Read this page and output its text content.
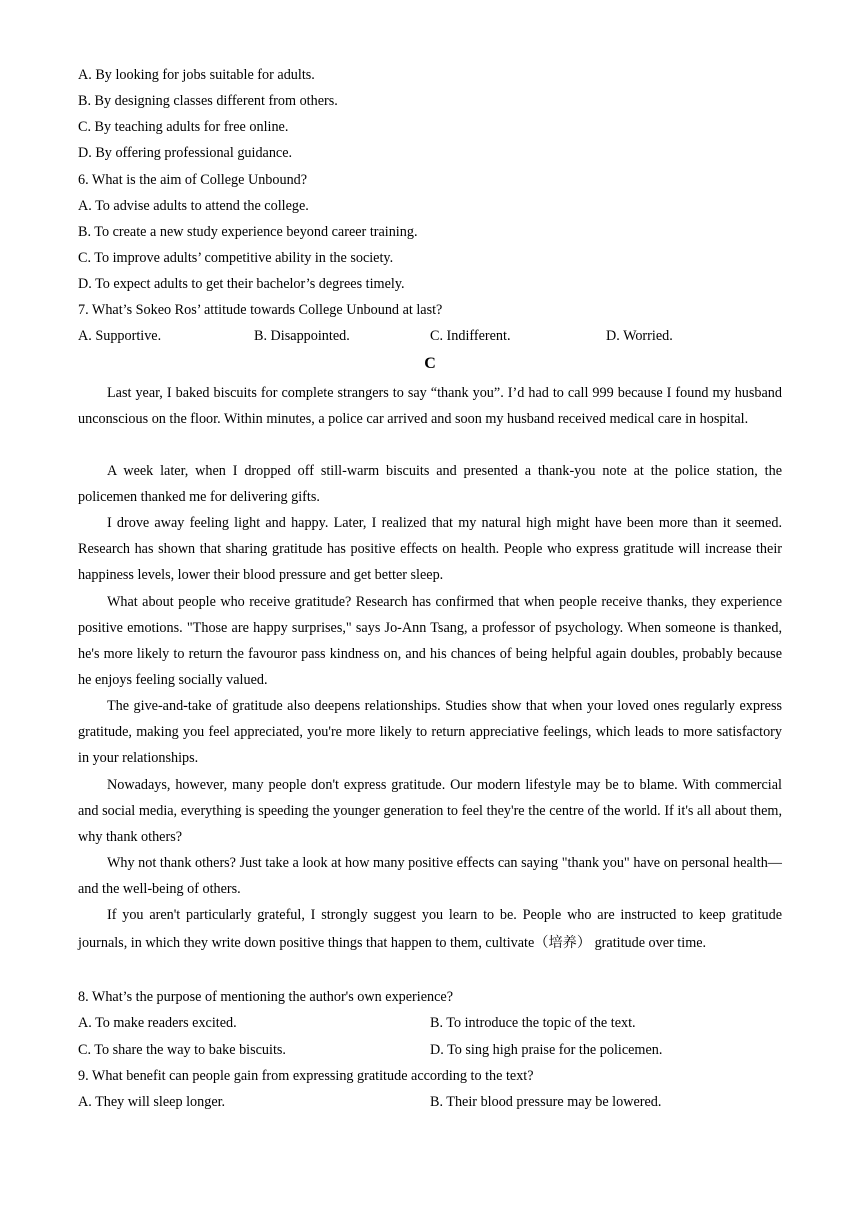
A. By looking for jobs suitable for adults.
B. By designing classes different from others.
C. By teaching adults for free online.
D. By offering professional guidance.
6. What is the aim of College Unbound?
A. To advise adults to attend the college.
B. To create a new study experience beyond career training.
C. To improve adults’ competitive ability in the society.
D. To expect adults to get their bachelor’s degrees timely.
7. What’s Sokeo Ros’ attitude towards College Unbound at last?
A. Supportive.	B. Disappointed.	C. Indifferent.	D. Worried.
C

Last year, I baked biscuits for complete strangers to say “thank you”. I’d had to call 999 because I found my husband unconscious on the floor. Within minutes, a police car arrived and soon my husband received medical care in hospital.

A week later, when I dropped off still-warm biscuits and presented a thank-you note at the police station, the policemen thanked me for delivering gifts.

I drove away feeling light and happy. Later, I realized that my natural high might have been more than it seemed. Research has shown that sharing gratitude has positive effects on health. People who express gratitude will increase their happiness levels, lower their blood pressure and get better sleep.

What about people who receive gratitude? Research has confirmed that when people receive thanks, they experience positive emotions. "Those are happy surprises," says Jo-Ann Tsang, a professor of psychology. When someone is thanked, he's more likely to return the favouror pass kindness on, and his chances of being helpful again doubles, probably because he enjoys feeling socially valued.

The give-and-take of gratitude also deepens relationships. Studies show that when your loved ones regularly express gratitude, making you feel appreciated, you're more likely to return appreciative feelings, which leads to more satisfactory in your relationships.

Nowadays, however, many people don't express gratitude. Our modern lifestyle may be to blame. With commercial and social media, everything is speeding the younger generation to feel they're the centre of the world. If it's all about them, why thank others?

Why not thank others? Just take a look at how many positive effects can saying "thank you" have on personal health—and the well-being of others.

If you aren't particularly grateful, I strongly suggest you learn to be. People who are instructed to keep gratitude journals, in which they write down positive things that happen to them, cultivate（培养） gratitude over time.

8. What’s the purpose of mentioning the author's own experience?
A. To make readers excited.	B. To introduce the topic of the text.
C. To share the way to bake biscuits.	D. To sing high praise for the policemen.
9. What benefit can people gain from expressing gratitude according to the text?
A. They will sleep longer.	B. Their blood pressure may be lowered.
